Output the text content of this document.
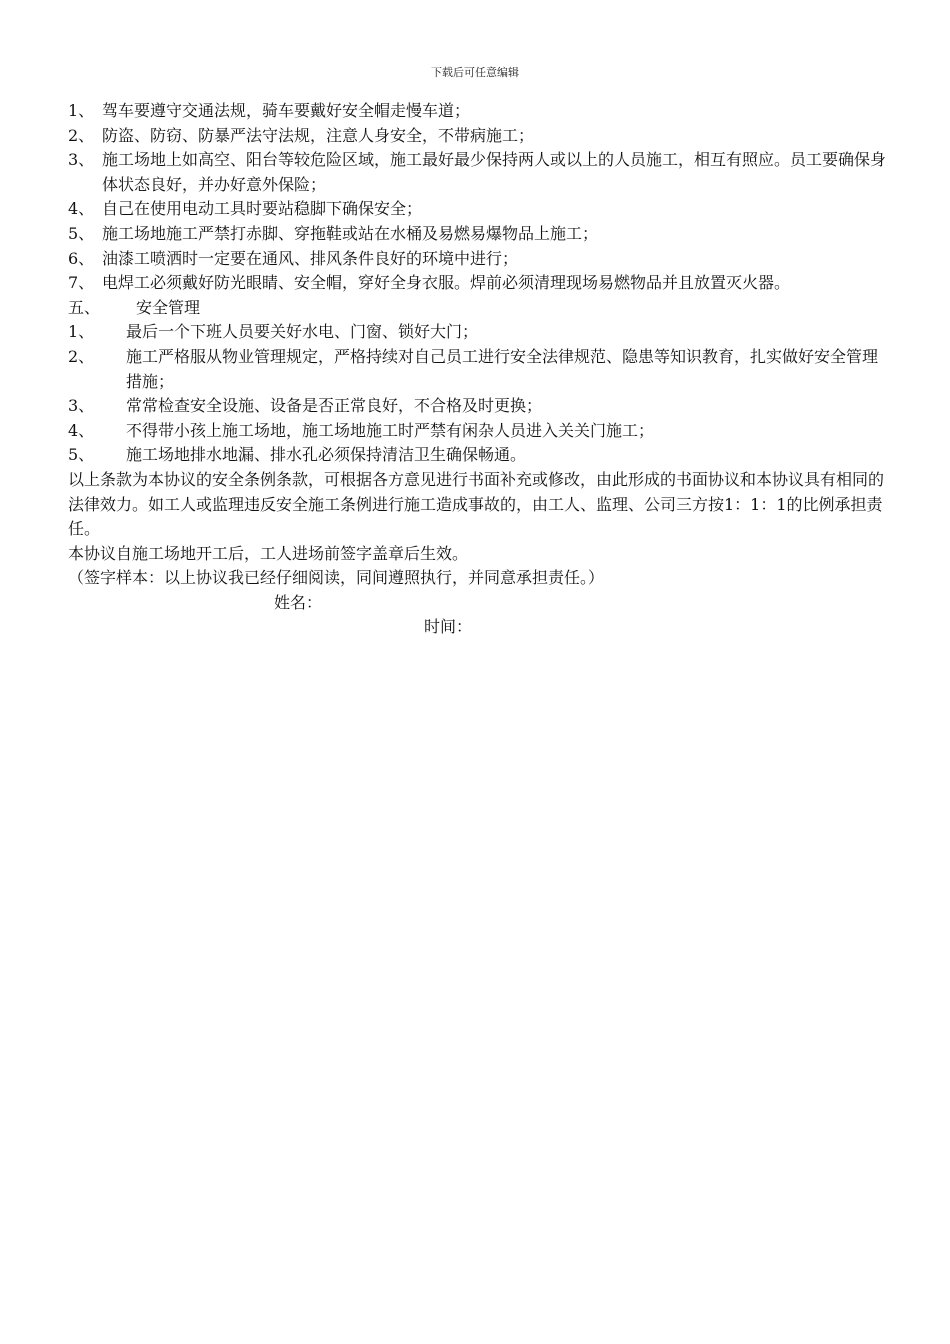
下载后可任意编辑
1、 驾车要遵守交通法规，骑车要戴好安全帽走慢车道；
2、 防盗、防窃、防暴严法守法规，注意人身安全，不带病施工；
3、 施工场地上如高空、阳台等较危险区域，施工最好最少保持两人或以上的人员施工，相互有照应。员工要确保身体状态良好，并办好意外保险；
4、 自己在使用电动工具时要站稳脚下确保安全；
5、 施工场地施工严禁打赤脚、穿拖鞋或站在水桶及易燃易爆物品上施工；
6、 油漆工喷洒时一定要在通风、排风条件良好的环境中进行；
7、 电焊工必须戴好防光眼睛、安全帽，穿好全身衣服。焊前必须清理现场易燃物品并且放置灭火器。
五、	安全管理
1、	最后一个下班人员要关好水电、门窗、锁好大门；
2、	施工严格服从物业管理规定，严格持续对自己员工进行安全法律规范、隐患等知识教育，扎实做好安全管理措施；
3、	常常检查安全设施、设备是否正常良好，不合格及时更换；
4、	不得带小孩上施工场地，施工场地施工时严禁有闲杂人员进入关关门施工；
5、	施工场地排水地漏、排水孔必须保持清洁卫生确保畅通。

以上条款为本协议的安全条例条款，可根据各方意见进行书面补充或修改，由此形成的书面协议和本协议具有相同的法律效力。如工人或监理违反安全施工条例进行施工造成事故的，由工人、监理、公司三方按1：1：1的比例承担责任。

本协议自施工场地开工后，工人进场前签字盖章后生效。

（签字样本：以上协议我已经仔细阅读，同间遵照执行，并同意承担责任。）

姓名：
时间：
